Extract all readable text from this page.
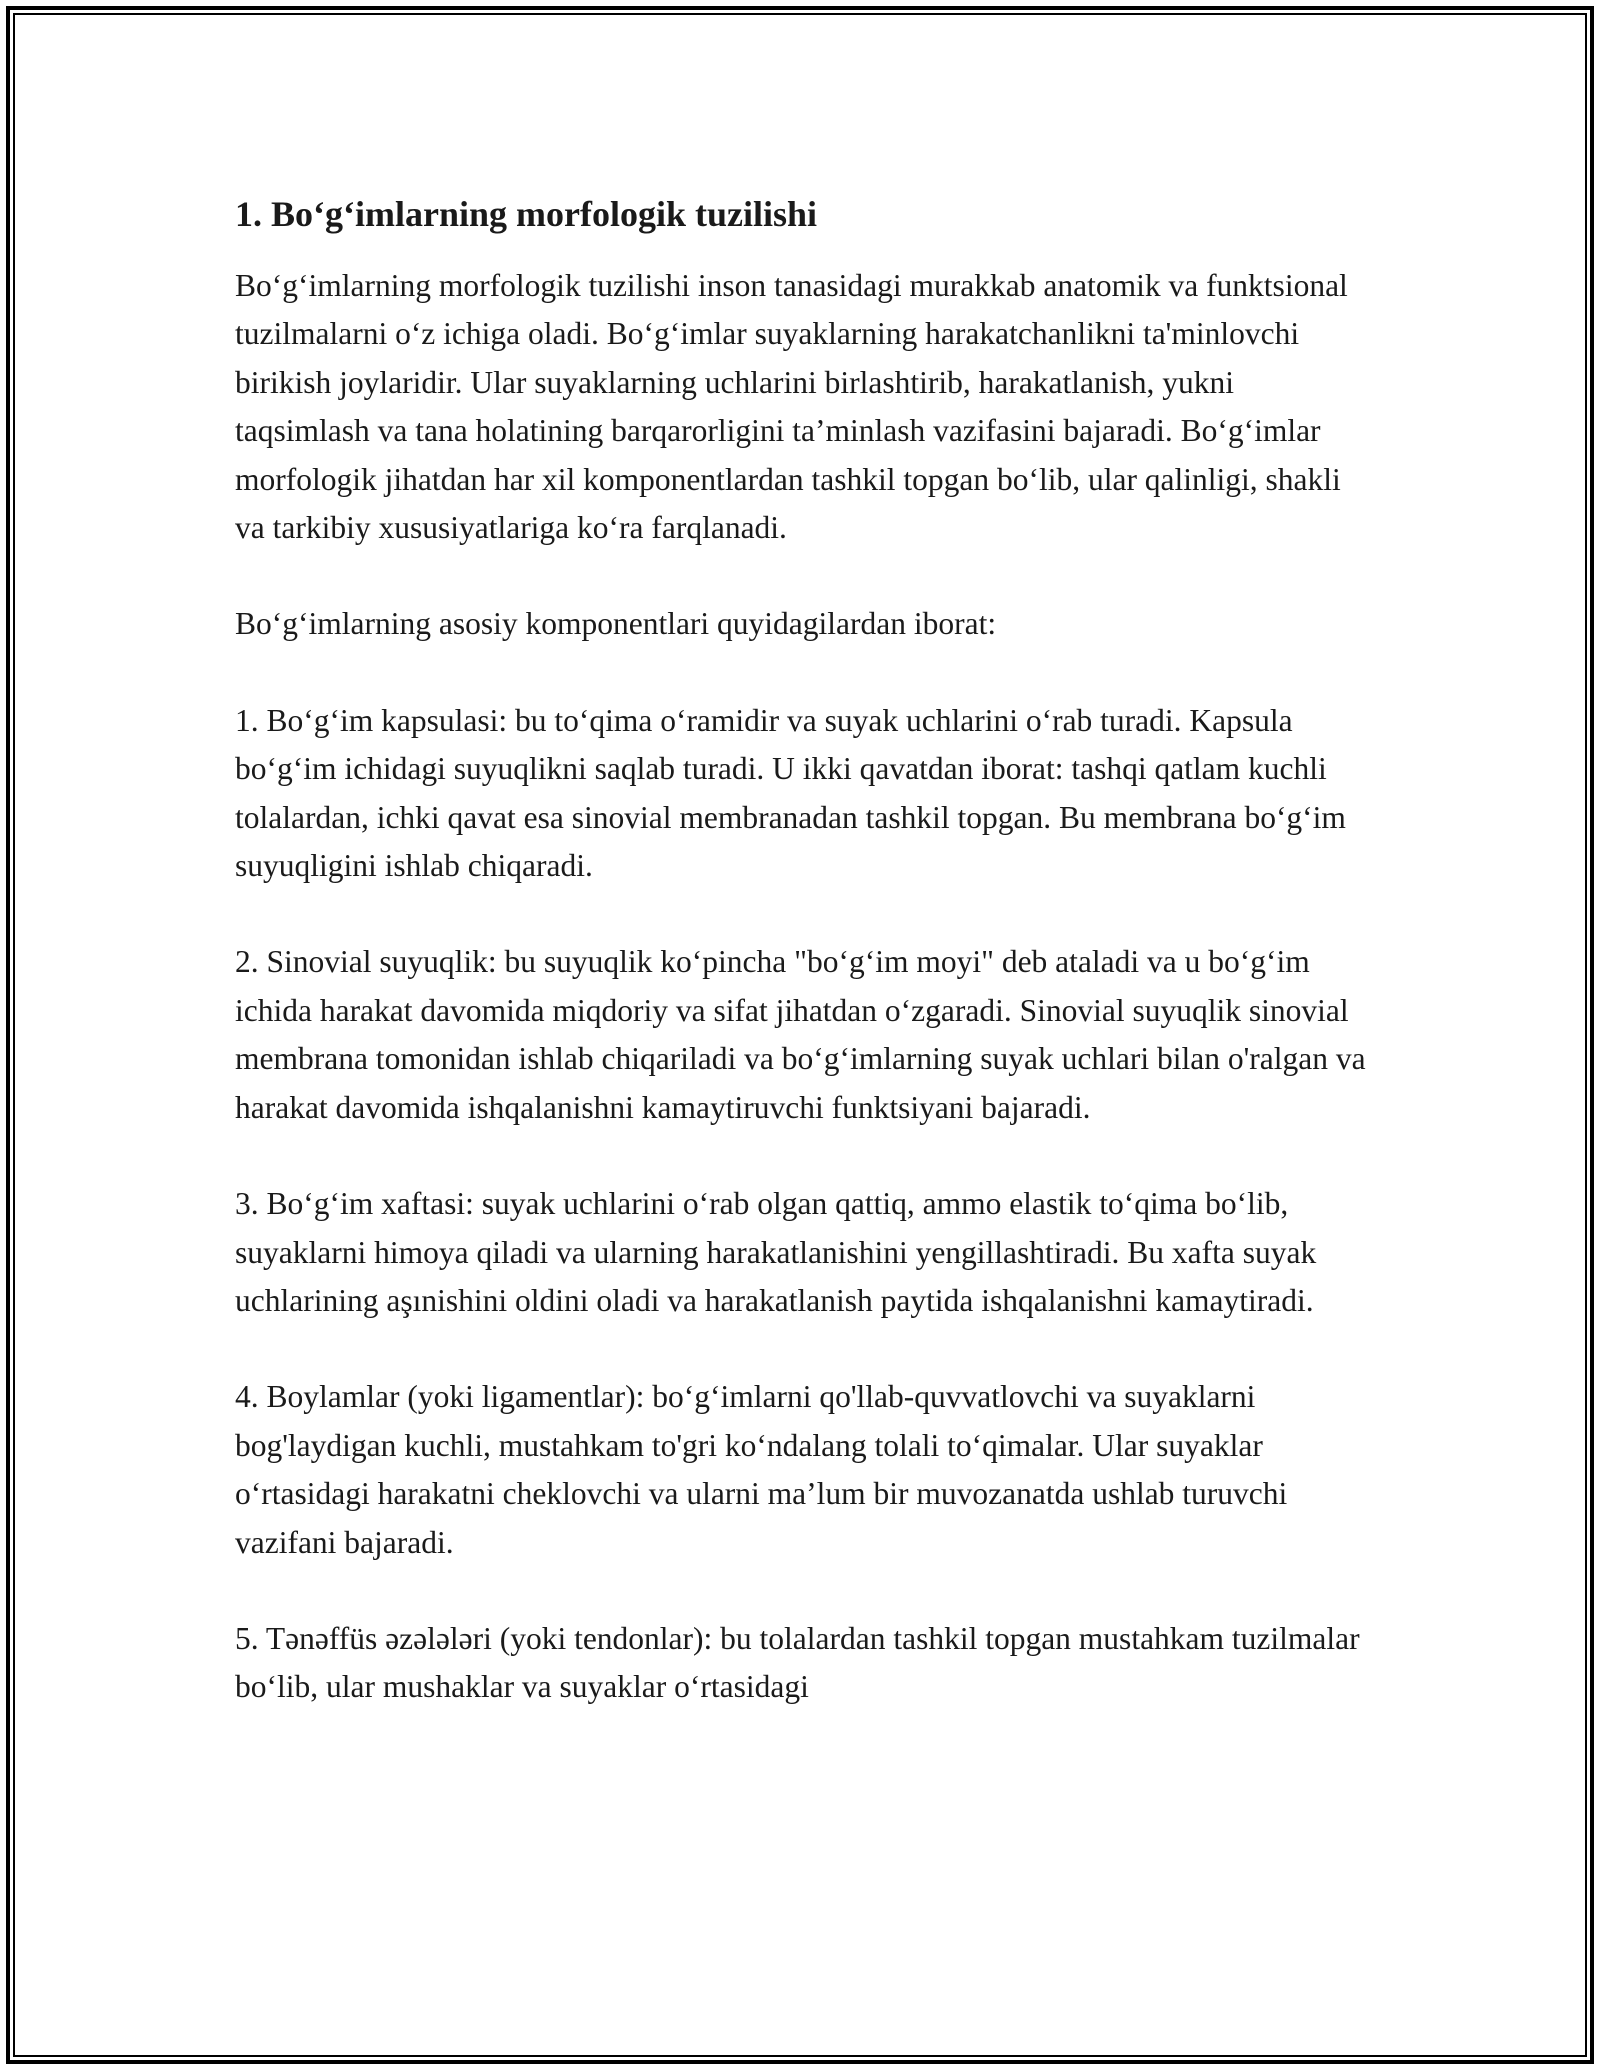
1. Bo‘g‘imlarning morfologik tuzilishi

Bo‘g‘imlarning morfologik tuzilishi inson tanasidagi murakkab anatomik va funktsional tuzilmalarni o‘z ichiga oladi. Bo‘g‘imlar suyaklarning harakatchanlikni ta'minlovchi birikish joylaridir. Ular suyaklarning uchlarini birlashtirib, harakatlanish, yukni taqsimlash va tana holatining barqarorligini ta’minlash vazifasini bajaradi. Bo‘g‘imlar morfologik jihatdan har xil komponentlardan tashkil topgan bo‘lib, ular qalinligi, shakli va tarkibiy xususiyatlariga ko‘ra farqlanadi.

Bo‘g‘imlarning asosiy komponentlari quyidagilardan iborat:

1. Bo‘g‘im kapsulasi: bu to‘qima o‘ramidir va suyak uchlarini o‘rab turadi. Kapsula bo‘g‘im ichidagi suyuqlikni saqlab turadi. U ikki qavatdan iborat: tashqi qatlam kuchli tolalardan, ichki qavat esa sinovial membranadan tashkil topgan. Bu membrana bo‘g‘im suyuqligini ishlab chiqaradi.

2. Sinovial suyuqlik: bu suyuqlik ko‘pincha "bo‘g‘im moyi" deb ataladi va u bo‘g‘im ichida harakat davomida miqdoriy va sifat jihatdan o‘zgaradi. Sinovial suyuqlik sinovial membrana tomonidan ishlab chiqariladi va bo‘g‘imlarning suyak uchlari bilan o'ralgan va harakat davomida ishqalanishni kamaytiruvchi funktsiyani bajaradi.

3. Bo‘g‘im xaftasi: suyak uchlarini o‘rab olgan qattiq, ammo elastik to‘qima bo‘lib, suyaklarni himoya qiladi va ularning harakatlanishini yengillashtiradi. Bu xafta suyak uchlarining aşınishini oldini oladi va harakatlanish paytida ishqalanishni kamaytiradi.

4. Boylamlar (yoki ligamentlar): bo‘g‘imlarni qo'llab-quvvatlovchi va suyaklarni bog'laydigan kuchli, mustahkam to'gri ko‘ndalang tolali to‘qimalar. Ular suyaklar o‘rtasidagi harakatni cheklovchi va ularni ma’lum bir muvozanatda ushlab turuvchi vazifani bajaradi.

5. Tənəffüs əzələləri (yoki tendonlar): bu tolalardan tashkil topgan mustahkam tuzilmalar bo‘lib, ular mushaklar va suyaklar o‘rtasidagi
